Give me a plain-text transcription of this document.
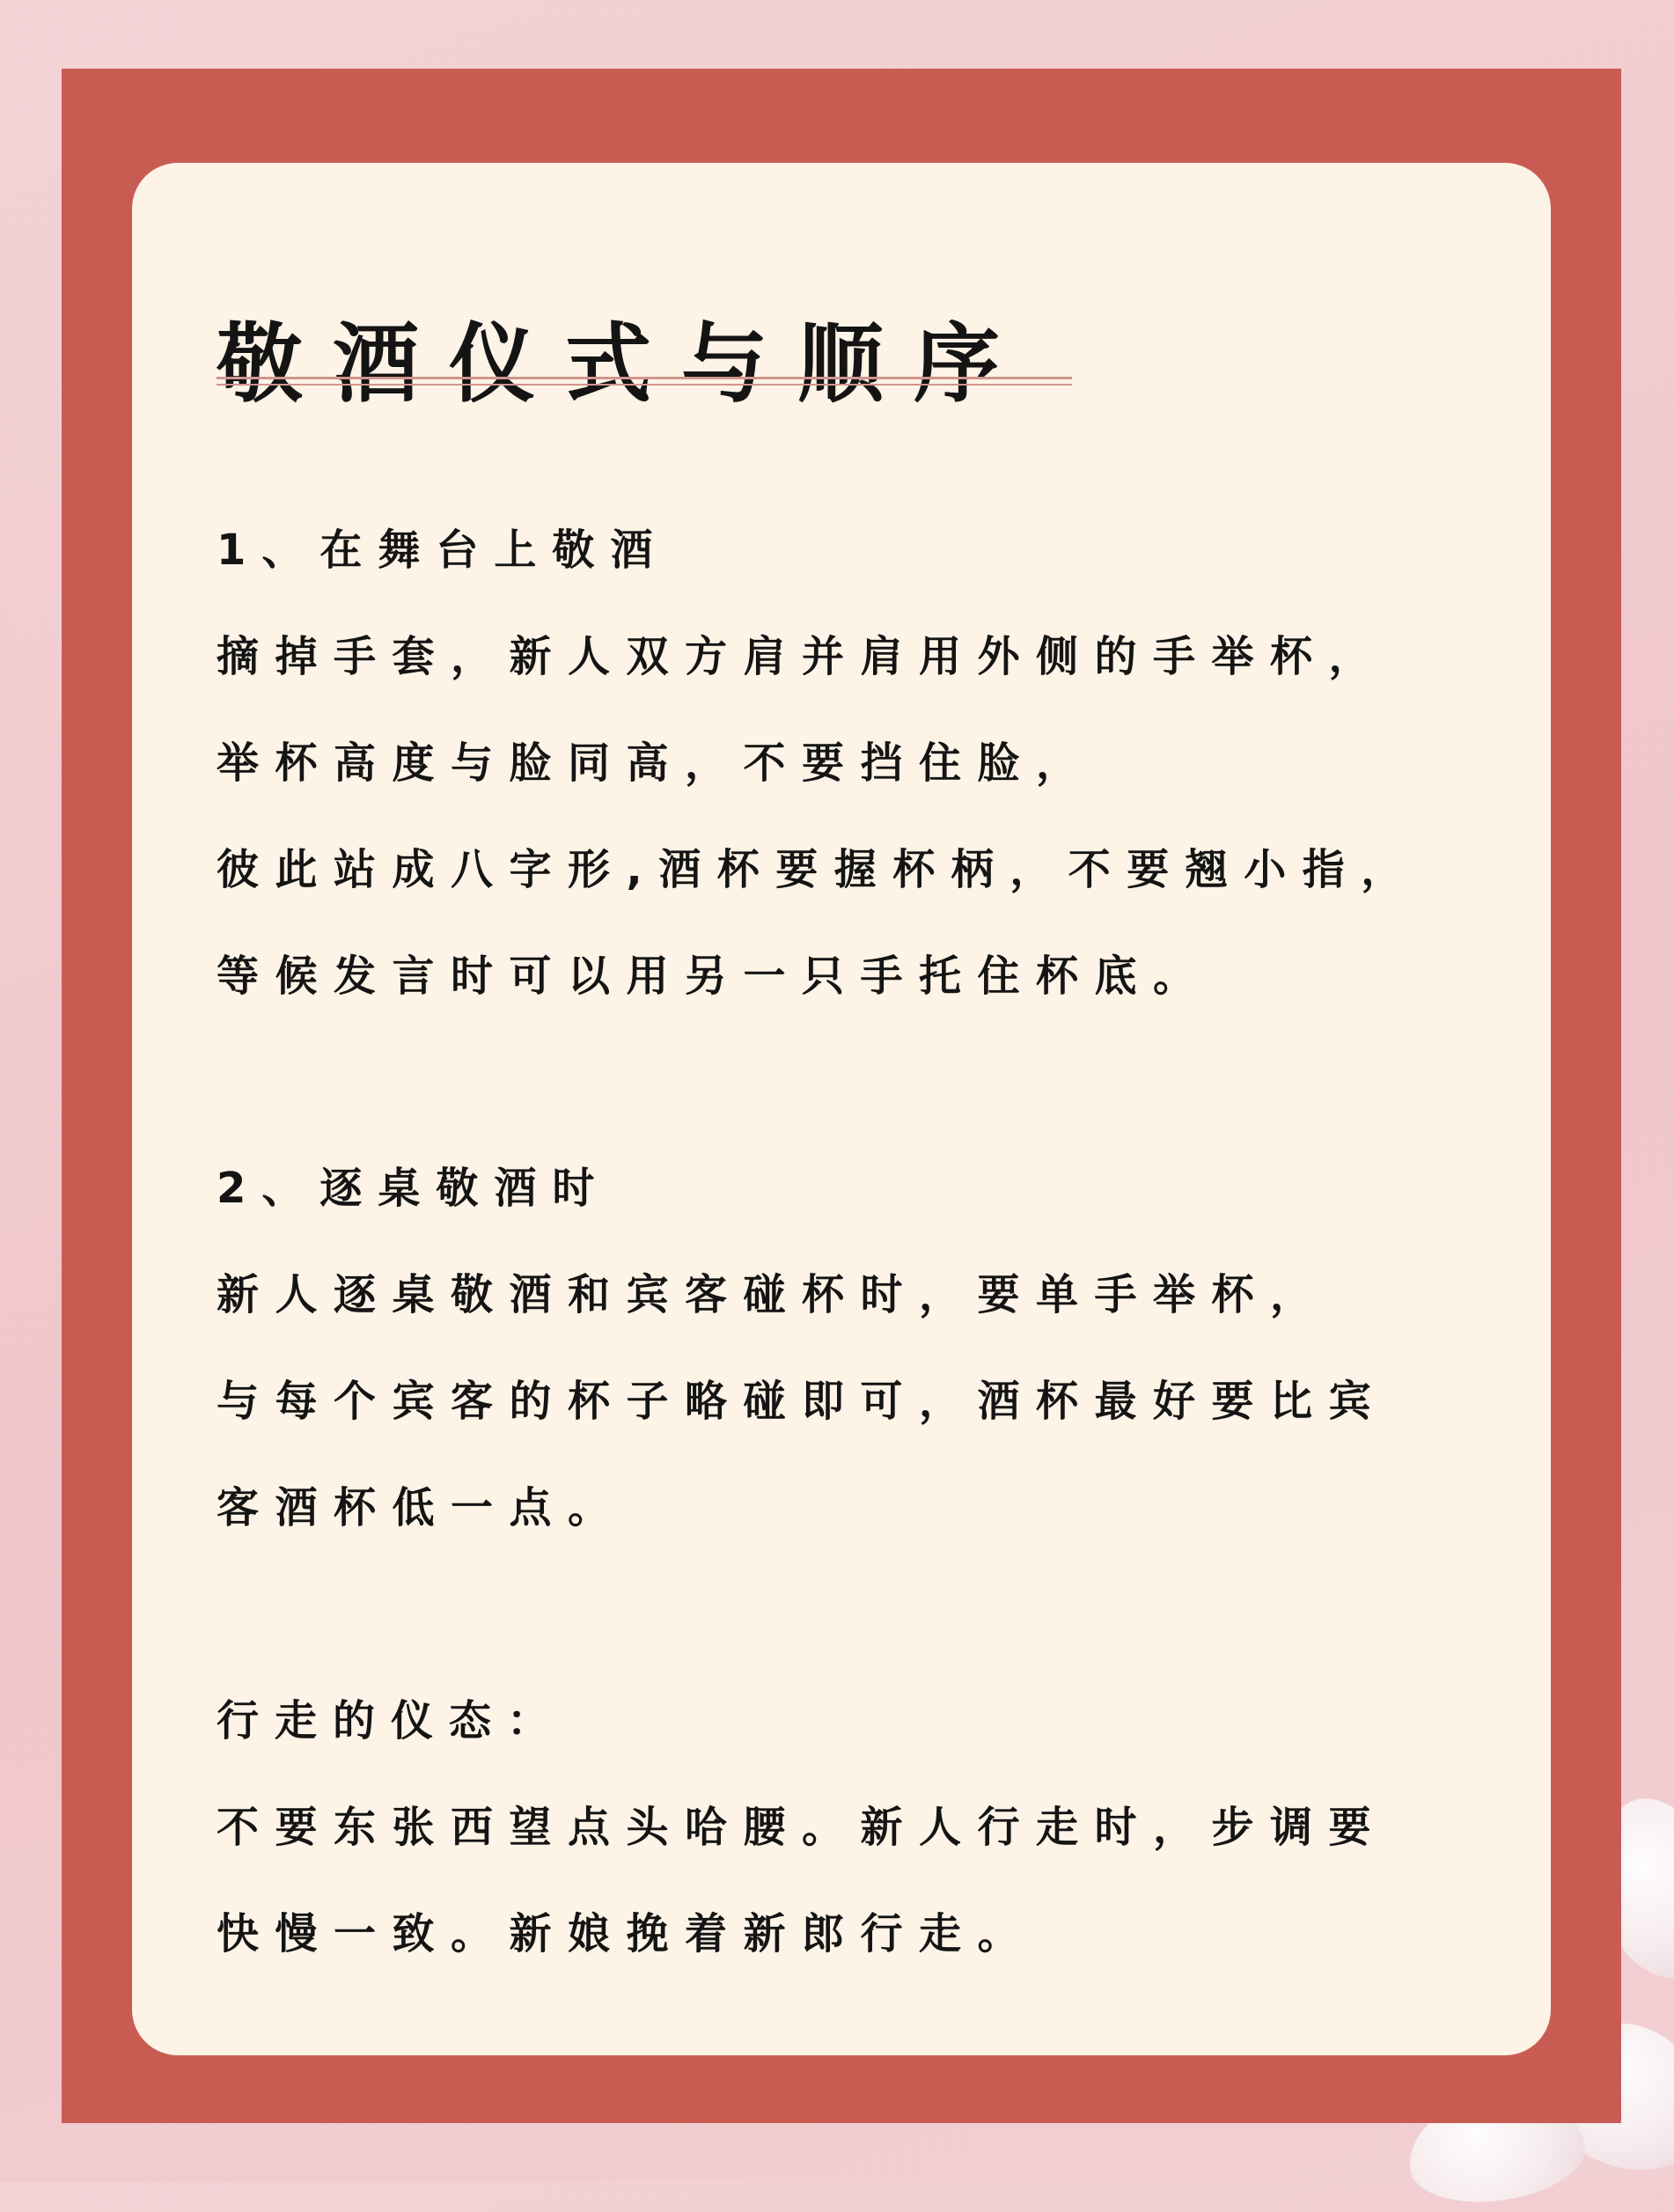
敬酒仪式与顺序

1、在舞台上敬酒

摘掉手套，新人双方肩并肩用外侧的手举杯，

举杯高度与脸同高，不要挡住脸，

彼此站成八字形,酒杯要握杯柄，不要翘小指，

等候发言时可以用另一只手托住杯底。

2、逐桌敬酒时

新人逐桌敬酒和宾客碰杯时，要单手举杯，

与每个宾客的杯子略碰即可，酒杯最好要比宾

客酒杯低一点。

行走的仪态：

不要东张西望点头哈腰。新人行走时，步调要

快慢一致。新娘挽着新郎行走。
